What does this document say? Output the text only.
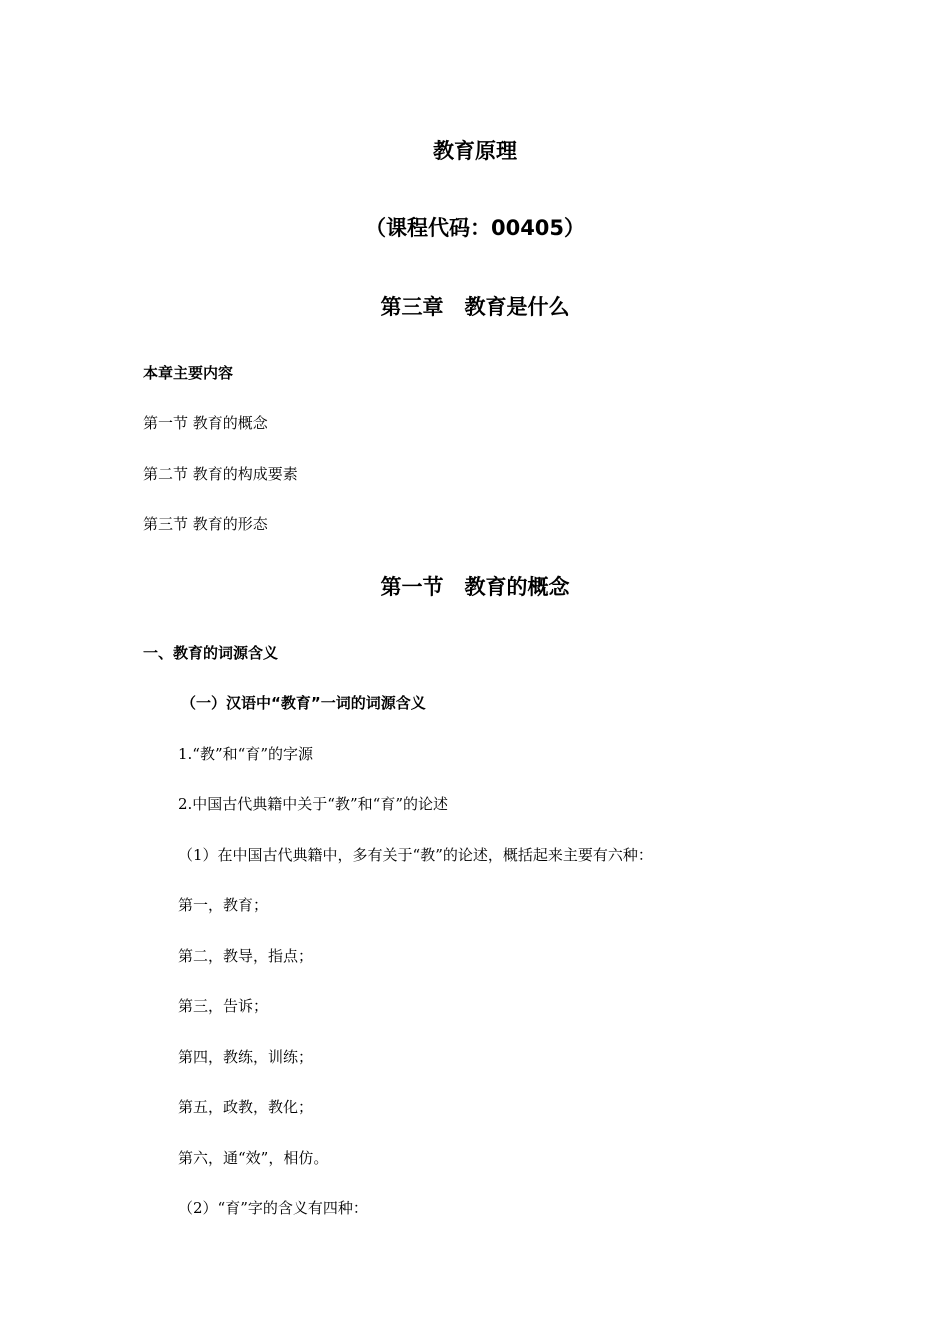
教育原理
（课程代码：00405）
第三章　教育是什么
本章主要内容
第一节 教育的概念
第二节 教育的构成要素
第三节 教育的形态
第一节　教育的概念
一、教育的词源含义
（一）汉语中“教育”一词的词源含义
1.“教”和“育”的字源
2.中国古代典籍中关于“教”和“育”的论述
（1）在中国古代典籍中，多有关于“教”的论述，概括起来主要有六种：
第一，教育；
第二，教导，指点；
第三，告诉；
第四，教练，训练；
第五，政教，教化；
第六，通“效”，相仿。
（2）“育”字的含义有四种：
